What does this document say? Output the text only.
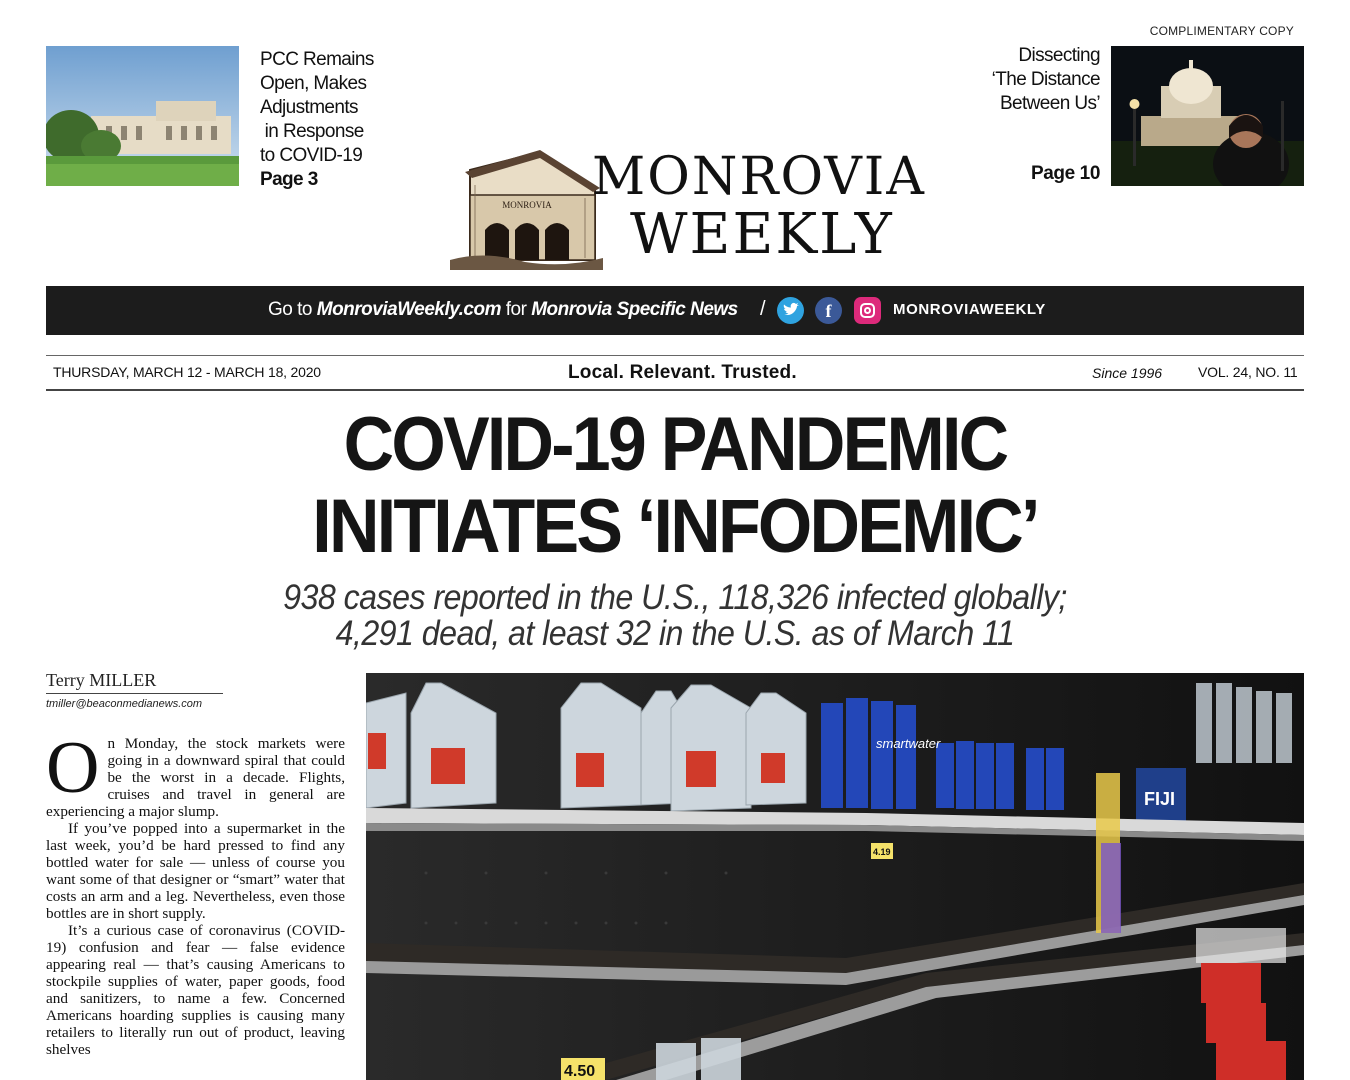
COMPLIMENTARY COPY
PCC Remains
Open, Makes
Adjustments
in Response
to COVID-19
Page 3
Dissecting
‘The Distance
Between Us’
Page 10
MONROVIA MONROVIA
WEEKLY
Go to MonroviaWeekly.com for Monrovia Specific News /	f	MONROVIAWEEKLY
THURSDAY, MARCH 12 - MARCH 18, 2020	Local. Relevant. Trusted.	Since 1996	VOL. 24, NO. 11
COVID-19 PANDEMIC
INITIATES ‘INFODEMIC’
938 cases reported in the U.S., 118,326 infected globally;
4,291 dead, at least 32 in the U.S. as of March 11
Terry MILLER
tmiller@beaconmedianews.com

On Monday, the stock markets were going in a downward spiral that could be the worst in a decade. Flights, cruises and travel in general are experiencing a major slump.

If you’ve popped into a supermarket in the last week, you’d be hard pressed to find any bottled water for sale — unless of course you want some of that designer or “smart” water that costs an arm and a leg. Nevertheless, even those bottles are in short supply.

It’s a curious case of coronavirus (COVID-19) confusion and fear — false evidence appearing real — that’s causing Americans to stockpile supplies of water, paper goods, food and sanitizers, to name a few. Concerned Americans hoarding supplies is causing many retailers to literally run out of product, leaving shelves

smartwater
FIJI
4.19
4.50
